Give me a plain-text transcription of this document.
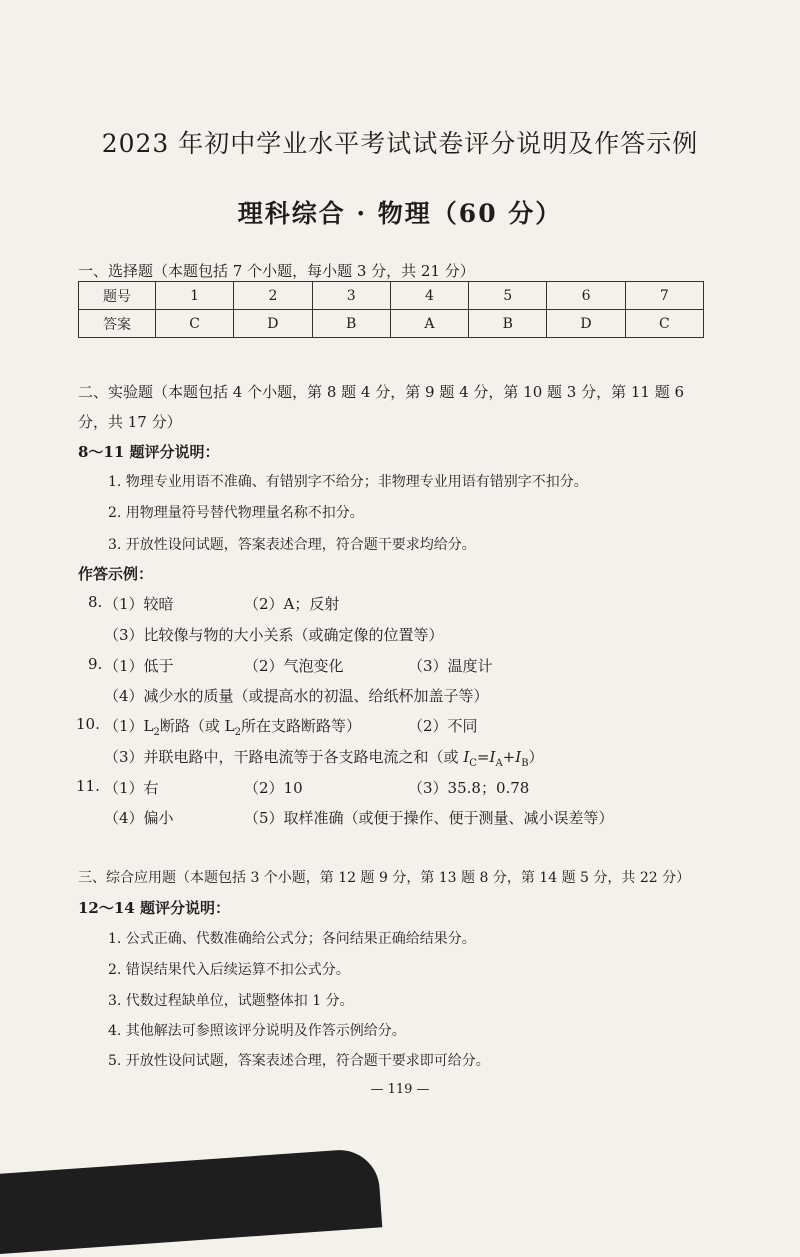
2023 年初中学业水平考试试卷评分说明及作答示例
理科综合 · 物理（60 分）
一、选择题（本题包括 7 个小题，每小题 3 分，共 21 分）
题号	1	2	3	4	5	6	7
答案	C	D	B	A	B	D	C
二、实验题（本题包括 4 个小题，第 8 题 4 分，第 9 题 4 分，第 10 题 3 分，第 11 题 6
分，共 17 分）
8～11 题评分说明：
1. 物理专业用语不准确、有错别字不给分；非物理专业用语有错别字不扣分。
2. 用物理量符号替代物理量名称不扣分。
3. 开放性设问试题，答案表述合理，符合题干要求均给分。
作答示例：
8. （1）较暗	（2）A；反射
（3）比较像与物的大小关系（或确定像的位置等）
9. （1）低于	（2）气泡变化	（3）温度计
（4）减少水的质量（或提高水的初温、给纸杯加盖子等）
10. $(1)L_2$断路（或 $L_2$所在支路断路等）	（2）不同
（3）并联电路中，干路电流等于各支路电流之和（或 $I_C=I_A+I_B$）
11. （1）右	（2）10	（3）35.8；0.78
（4）偏小	（5）取样准确（或便于操作、便于测量、减小误差等）
三、综合应用题（本题包括 3 个小题，第 12 题 9 分，第 13 题 8 分，第 14 题 5 分，共 22 分）
12～14 题评分说明：
1. 公式正确、代数准确给公式分；各问结果正确给结果分。
2. 错误结果代入后续运算不扣公式分。
3. 代数过程缺单位，试题整体扣 1 分。
4. 其他解法可参照该评分说明及作答示例给分。
5. 开放性设问试题，答案表述合理，符合题干要求即可给分。
— 119 —
